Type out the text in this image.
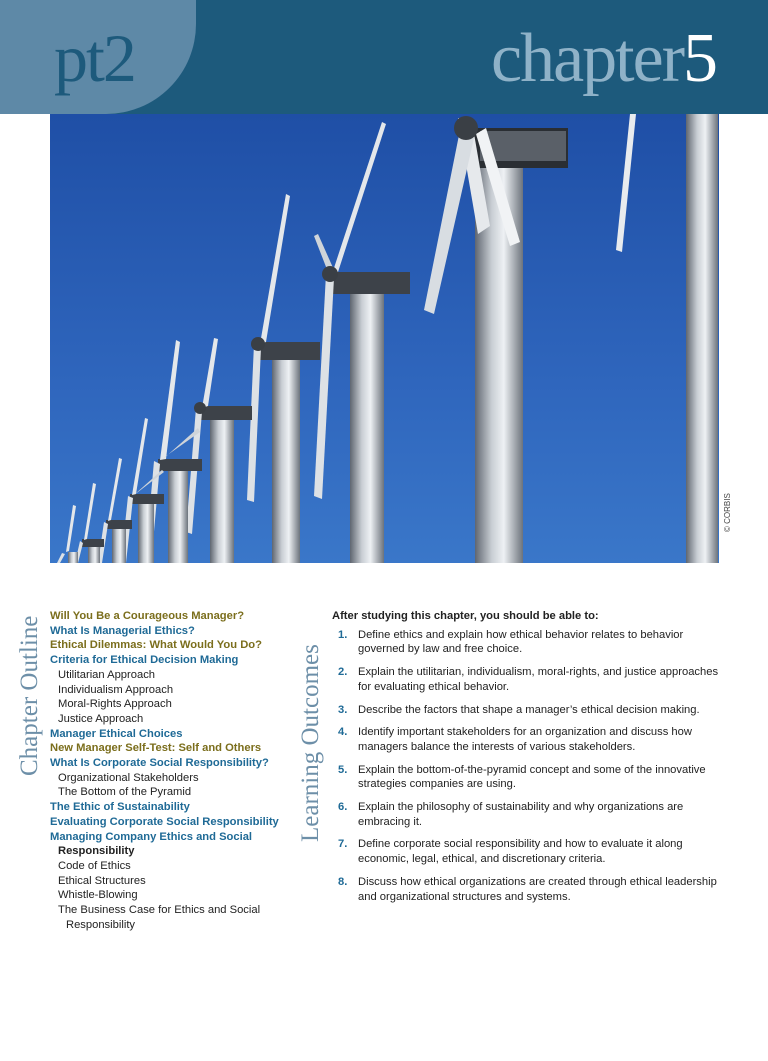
pt2	chapter5
© CORBIS
Chapter Outline	Learning Outcomes
Will You Be a Courageous Manager?
What Is Managerial Ethics?
Ethical Dilemmas: What Would You Do?
Criteria for Ethical Decision Making
Utilitarian Approach
Individualism Approach
Moral-Rights Approach
Justice Approach
Manager Ethical Choices
New Manager Self-Test: Self and Others
What Is Corporate Social Responsibility?
Organizational Stakeholders
The Bottom of the Pyramid
The Ethic of Sustainability
Evaluating Corporate Social Responsibility
Managing Company Ethics and Social
Responsibility
Code of Ethics
Ethical Structures
Whistle-Blowing
The Business Case for Ethics and Social
Responsibility
After studying this chapter, you should be able to:
1. Define ethics and explain how ethical behavior relates to behavior governed by law and free choice.
2. Explain the utilitarian, individualism, moral-rights, and justice approaches for evaluating ethical behavior.
3. Describe the factors that shape a manager’s ethical decision making.
4. Identify important stakeholders for an organization and discuss how managers balance the interests of various stakeholders.
5. Explain the bottom-of-the-pyramid concept and some of the innovative strategies companies are using.
6. Explain the philosophy of sustainability and why organizations are embracing it.
7. Define corporate social responsibility and how to evaluate it along economic, legal, ethical, and discretionary criteria.
8. Discuss how ethical organizations are created through ethical leadership and organizational structures and systems.
